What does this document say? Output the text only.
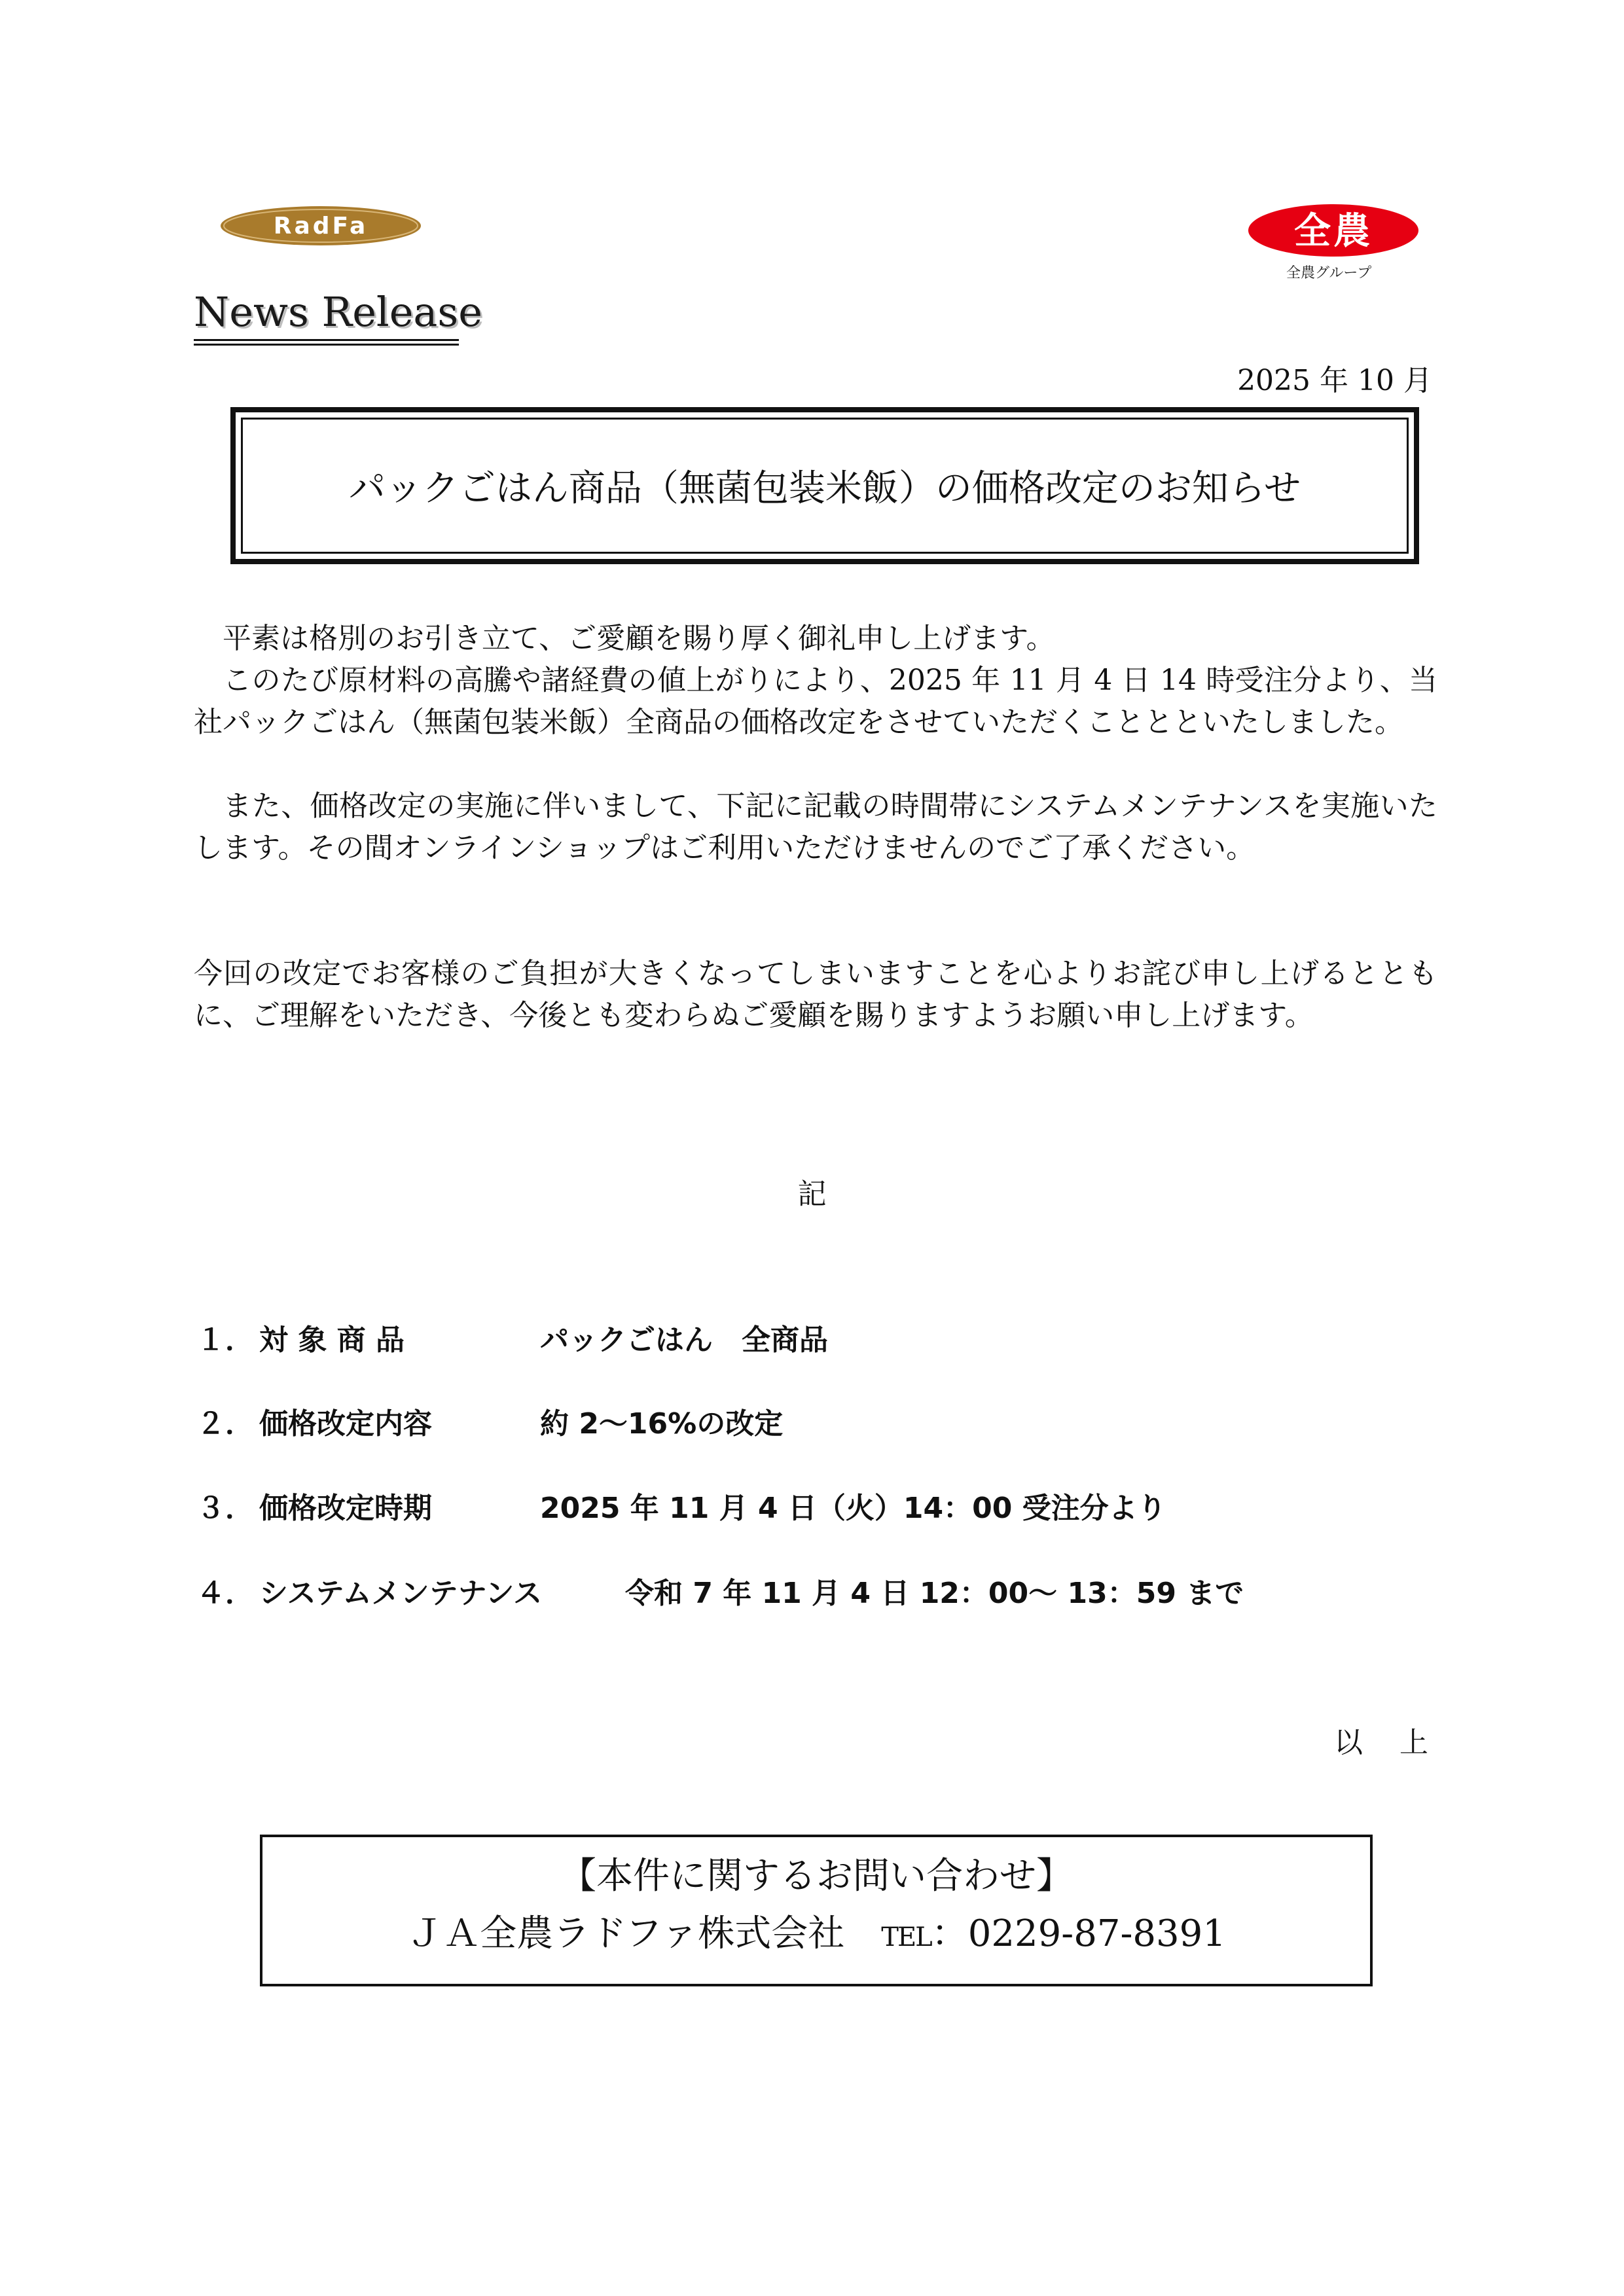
RadFa	全農
全農グループ
News Release
2025 年 10 月
パックごはん商品（無菌包装米飯）の価格改定のお知らせ
　平素は格別のお引き立て、ご愛顧を賜り厚く御礼申し上げます。
　このたび原材料の高騰や諸経費の値上がりにより、2025 年 11 月 4 日 14 時受注分より、当社パックごはん（無菌包装米飯）全商品の価格改定をさせていただくこととといたしました。
　また、価格改定の実施に伴いまして、下記に記載の時間帯にシステムメンテナンスを実施いたします。その間オンラインショップはご利用いただけませんのでご了承ください。
今回の改定でお客様のご負担が大きくなってしまいますことを心よりお詫び申し上げるとともに、ご理解をいただき、今後とも変わらぬご愛顧を賜りますようお願い申し上げます。
記
１． 対 象 商 品	パックごはん　全商品
２． 価格改定内容	約 2～16%の改定
３． 価格改定時期	2025 年 11 月 4 日（火）14：00 受注分より
４． システムメンテナンス	令和 7 年 11 月 4 日 12：00～ 13：59 まで
以　上
【本件に関するお問い合わせ】
ＪＡ全農ラドファ株式会社　 TEL：0229-87-8391
